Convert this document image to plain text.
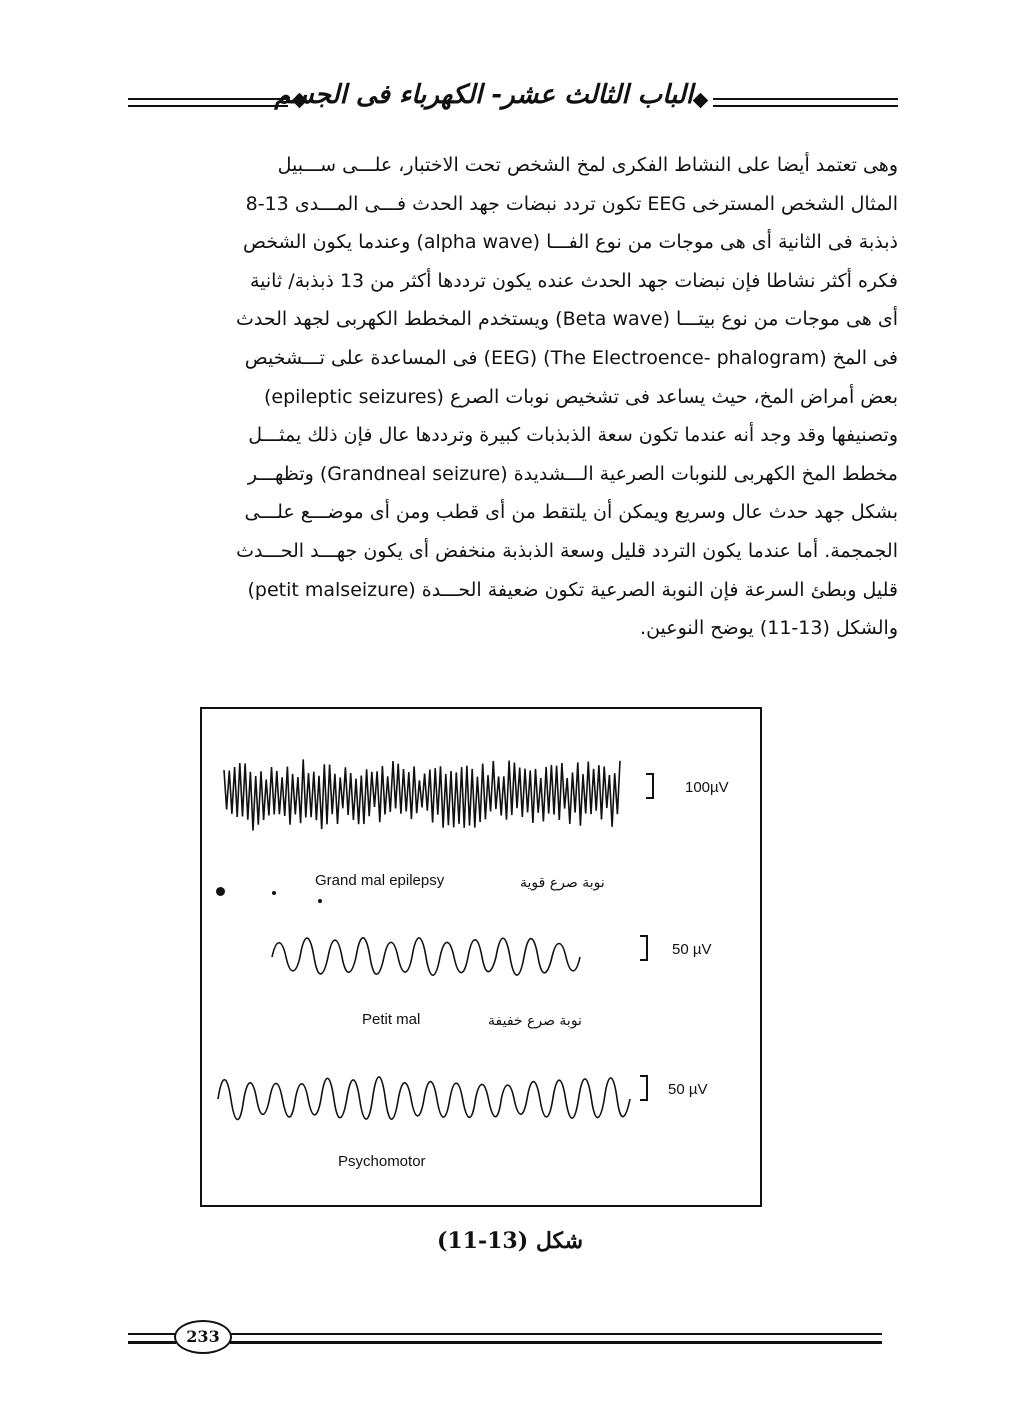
الباب الثالث عشر- الكهرباء فى الجسم
وهى تعتمد أيضا على النشاط الفكرى لمخ الشخص تحت الاختبار، علـــى ســـبيل
المثال الشخص المسترخى EEG تكون تردد نبضات جهد الحدث فـــى المـــدى 13-8
ذبذبة فى الثانية أى هى موجات من نوع الفـــا (alpha wave) وعندما يكون الشخص
فكره أكثر نشاطا فإن نبضات جهد الحدث عنده يكون ترددها أكثر من 13 ذبذبة/ ثانية
أى هى موجات من نوع بيتـــا (Beta wave) ويستخدم المخطط الكهربى لجهد الحدث
فى المخ (The Electroence- phalogram) (EEG) فى المساعدة على تـــشخيص
بعض أمراض المخ، حيث يساعد فى تشخيص نوبات الصرع (epileptic seizures)
وتصنيفها وقد وجد أنه عندما تكون سعة الذبذبات كبيرة وترددها عال فإن ذلك يمثـــل
مخطط المخ الكهربى للنوبات الصرعية الـــشديدة (Grandneal seizure) وتظهـــر
بشكل جهد حدث عال وسريع ويمكن أن يلتقط من أى قطب ومن أى موضـــع علـــى
الجمجمة. أما عندما يكون التردد قليل وسعة الذبذبة منخفض أى يكون جهـــد الحـــدث
قليل وبطئ السرعة فإن النوبة الصرعية تكون ضعيفة الحـــدة (petit malseizure)
والشكل (13-11) يوضح النوعين.
100µV
Grand mal epilepsy	نوبة صرع قوية
50 µV
Petit mal	نوبة صرع خفيفة
50 µV
Psychomotor
شكل (13-11)
233
